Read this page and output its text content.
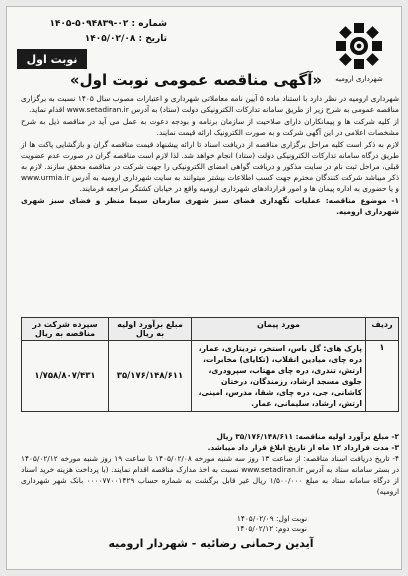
شماره : ۰۲-۵۰۹۴۸۳۹-۱۴۰۵
تاریخ : ۱۴۰۵/۰۲/۰۸
نوبت اول
شهرداری ارومیه
«آگهی مناقصه عمومی نوبت اول»

شهرداری ارومیه در نظر دارد با استناد ماده ۵ آیین نامه معاملاتی شهرداری و اعتبارات مصوب سال ۱۴۰۵ نسبت به برگزاری مناقصه عمومی به شرح زیر از طریق سامانه تدارکات الکترونیکی دولت (ستاد) به آدرس www.setadiran.ir اقدام نماید.

از کلیه شرکت ها و پیمانکاران دارای صلاحیت از سازمان برنامه و بودجه دعوت به عمل می آید در مناقصه ذیل به شرح مشخصات اعلامی در این آگهی شرکت و به صورت الکترونیک ارائه قیمت نمایند.

لازم به ذکر است کلیه مراحل برگزاری مناقصه از دریافت اسناد تا ارائه پیشنهاد قیمت مناقصه گران و بازگشایی پاکت ها از طریق درگاه سامانه تدارکات الکترونیکی دولت (ستاد) انجام خواهد شد. لذا لازم است مناقصه گران در صورت عدم عضویت قبلی، مراحل ثبت نام در سایت مذکور و دریافت گواهی امضای الکترونیکی را جهت شرکت در مناقصه محقق سازند. لازم به ذکر میباشد شرکت کنندگان محترم جهت کسب اطلاعات بیشتر میتوانند به سایت شهرداری ارومیه به آدرس www.urmia.ir و یا حضوری به اداره پیمان ها و امور قراردادهای شهرداری ارومیه واقع در خیابان کشتگر مراجعه فرمایند.

۱- موضوع مناقصه: عملیات نگهداری فضای سبز شهری سازمان سیما منظر و فضای سبز شهری شهرداری ارومیه.

ردیف	مورد پیمان	مبلغ برآورد اولیه به ریال	سپرده شرکت در مناقصه به ریال
۱	پارک های: گل باس، استخر، تردیتاری، عمار، دره چای، میادین انقلاب، (تکایای) مخابرات، ارتش، تندری، دره چای مهتاب، سپرودری، جلوی مسجد ارشاد، رزمندگان، درختان کاشانی، جی، دره چای، شقا، مدرس، امینی، ارتش، ارشاد، سلیمانی، عمار.	۳۵/۱۷۶/۱۴۸/۶۱۱	۱/۷۵۸/۸۰۷/۴۳۱

۲- مبلغ برآورد اولیه مناقصه: ۳۵/۱۷۶/۱۴۸/۶۱۱ ریال

۳- مدت قرارداد ۱۲ ماه از تاریخ ابلاغ قرار داد میباشد.

۴- تاریخ دریافت اسناد مناقصه: از ساعت ۱۳ روز سه شنبه مورخه ۱۴۰۵/۰۲/۰۸ تا ساعت ۱۹ روز شنبه مورخه ۱۴۰۵/۰۲/۱۲ در بستر سامانه ستاد به آدرس www.setadiran.ir نسبت به اخذ مدارک مناقصه اقدام نمایند. (با پرداخت هزینه خرید اسناد از درگاه سامانه ستاد به مبلغ ۱/۵۰۰/۰۰۰ ریال غیر قابل برگشت به شماره حساب ۰۰۰۰۷۷۰۰۱۴۲۹ بانک شهر شهرداری ارومیه)

نوبت اول: ۱۴۰۵/۰۲/۰۹
نوبت دوم: ۱۴۰۵/۰۲/۱۲
آیدین رحمانی رضائیه - شهردار ارومیه
